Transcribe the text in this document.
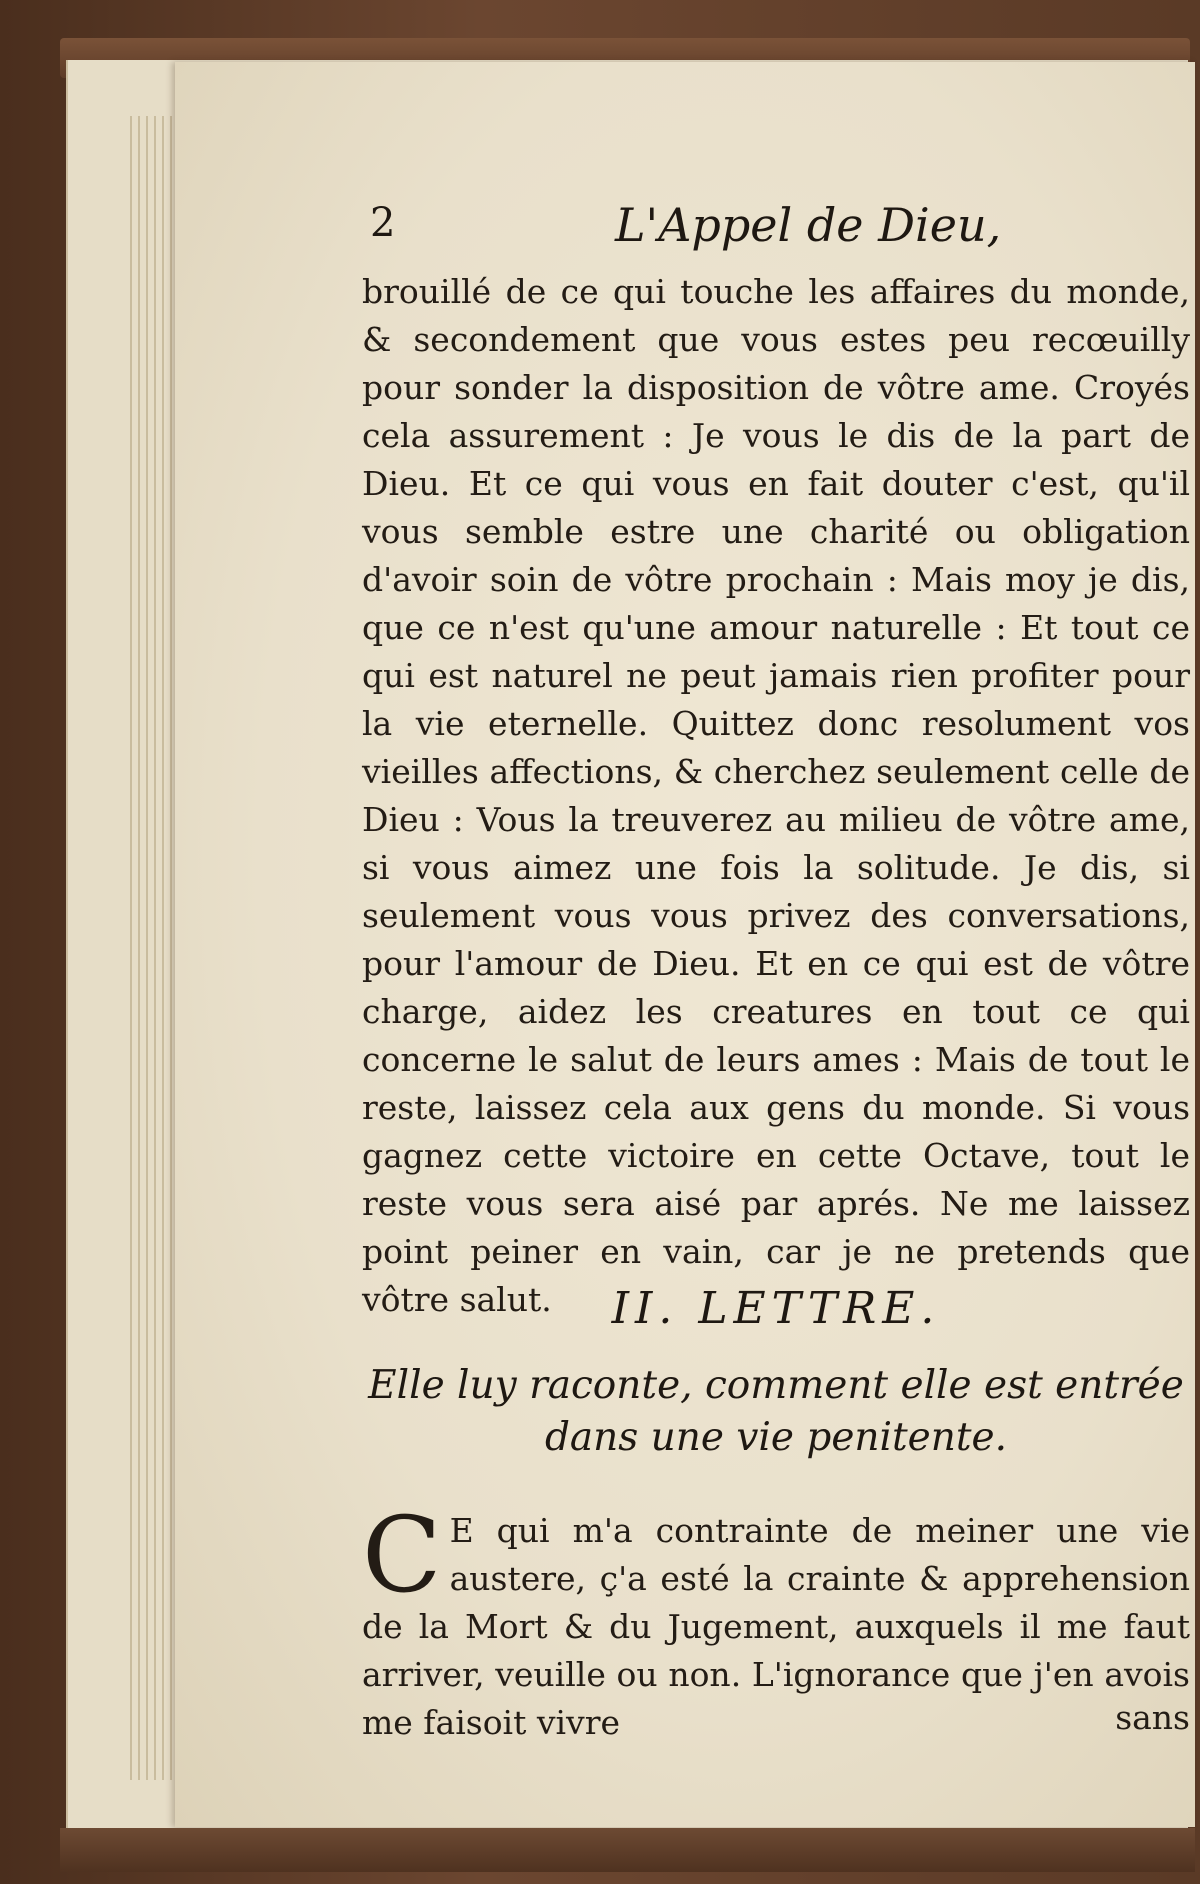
2	L'Appel de Dieu,

brouillé de ce qui touche les affaires du monde, & secondement que vous estes peu recœuilly pour sonder la disposition de vôtre ame. Croyés cela assurement : Je vous le dis de la part de Dieu. Et ce qui vous en fait douter c'est, qu'il vous semble estre une charité ou obligation d'avoir soin de vôtre prochain : Mais moy je dis, que ce n'est qu'une amour naturelle : Et tout ce qui est naturel ne peut jamais rien profiter pour la vie eternelle. Quittez donc resolument vos vieilles affections, & cherchez seulement celle de Dieu : Vous la treuverez au milieu de vôtre ame, si vous aimez une fois la solitude. Je dis, si seulement vous vous privez des conversations, pour l'amour de Dieu. Et en ce qui est de vôtre charge, aidez les creatures en tout ce qui concerne le salut de leurs ames : Mais de tout le reste, laissez cela aux gens du monde. Si vous gagnez cette victoire en cette Octave, tout le reste vous sera aisé par aprés. Ne me laissez point peiner en vain, car je ne pretends que vôtre salut.	II. LETTRE.
Elle luy raconte, comment elle est entrée
dans une vie penitente.
C E qui m'a contrainte de meiner une vie austere, ç'a esté la crainte & apprehension de la Mort & du Jugement, auxquels il me faut arriver, veuille ou non. L'ignorance que j'en avois me faisoit vivre	sans
